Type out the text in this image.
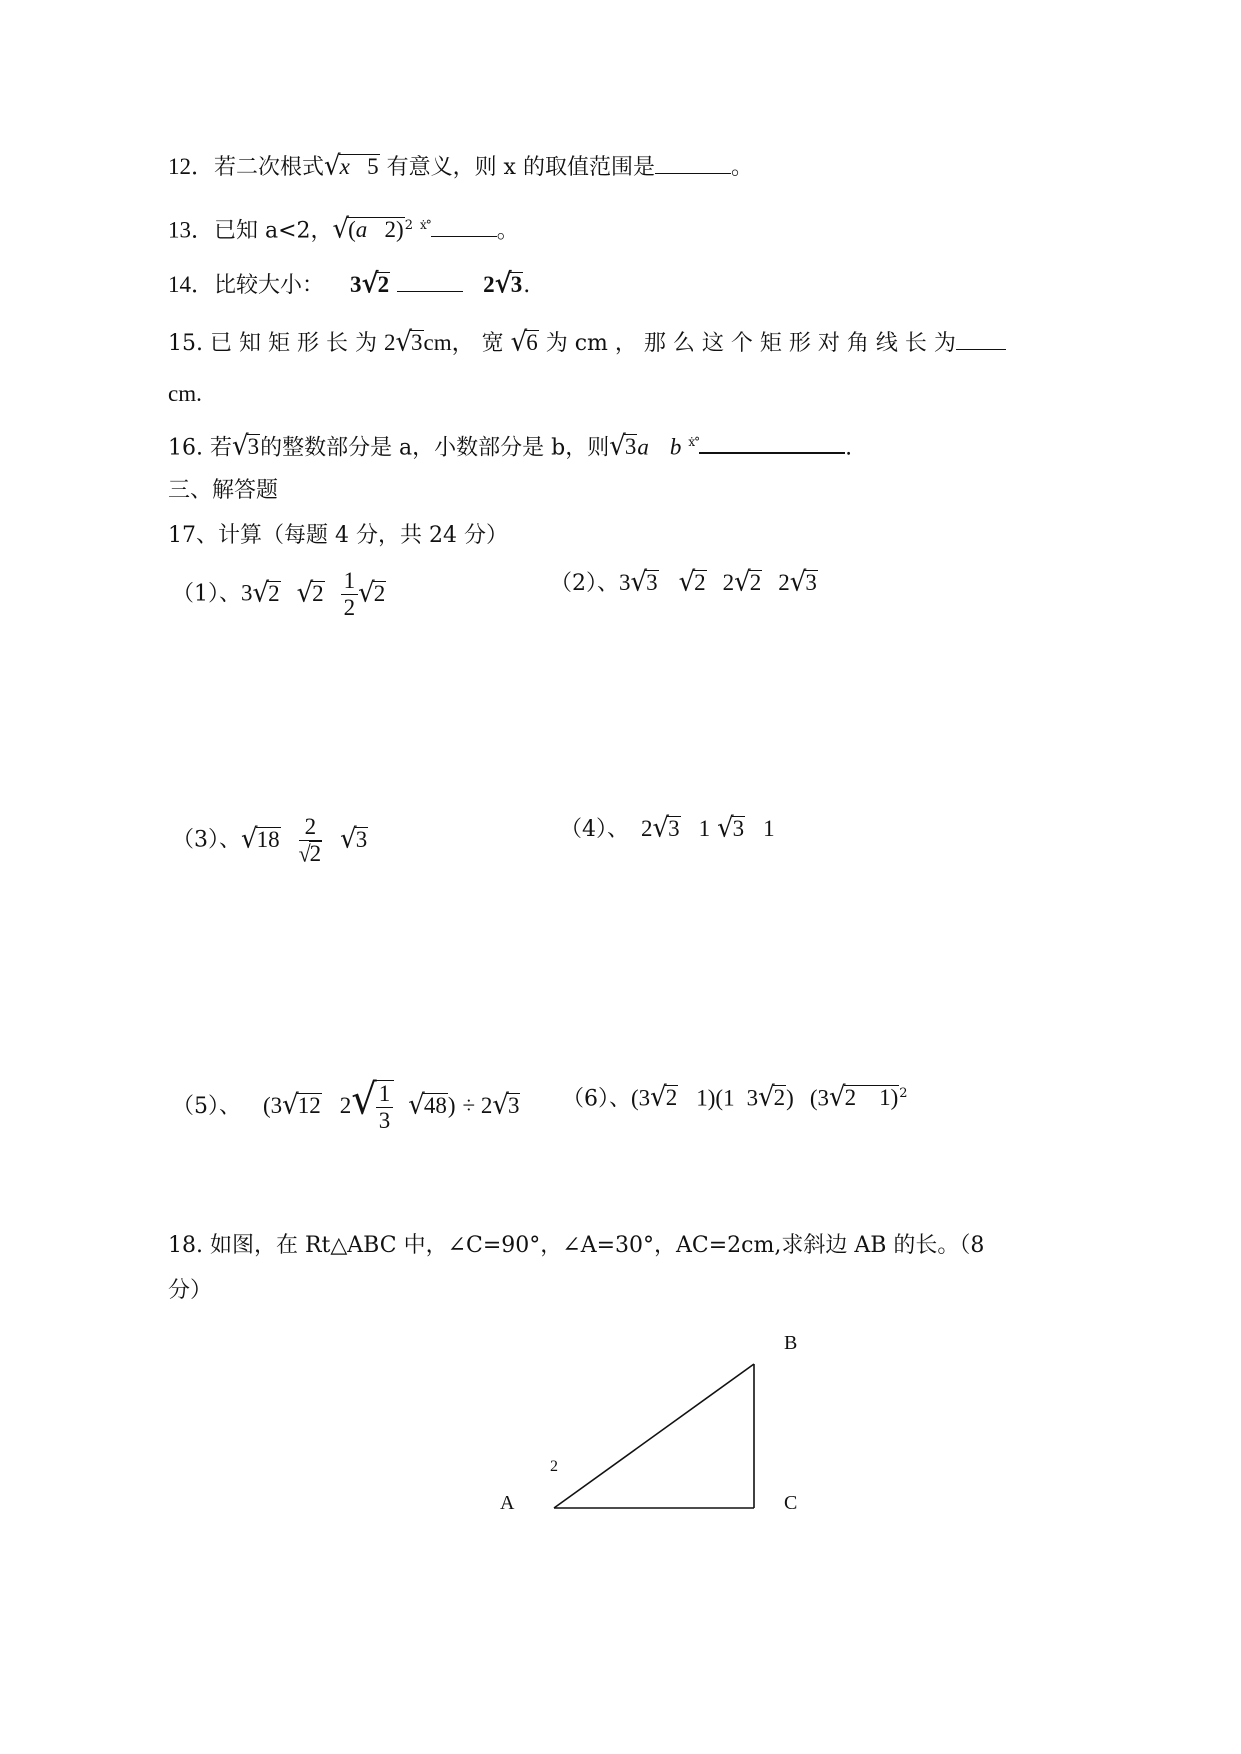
12．若二次根式√x 5 有意义，则 x 的取值范围是	。
13．已知 a<2，√(a 2)$^2$ $^{ẋ^\circ}$	。
14．比较大小： 3√2	2√3.
15. 已 知 矩 形 长 为 2√3cm， 宽 √6 为 cm ， 那 么 这 个 矩 形 对 角 线 长 为
cm.
16. 若√3的整数部分是 a，小数部分是 b，则√3a b $^{ẋ^\circ}$	.
三、解答题
17、计算（每题 4 分，共 24 分）
（1）、3√2 $√2 \frac{1}{2} √2$	（2）、3√3 √2 2√2 2√3
（3）、$√18 \frac{2}{√2} √3$	（4）、 2√3 1 √3 1
（5）、 (3√12 $2√ \frac{1}{3} √48) \div 2√3$ （6）、(3√2 1)(1 3√2) (3√2 1)$^2$
18. 如图，在 Rt△ABC 中，∠C=90°，∠A=30°，AC=2cm,求斜边 AB 的长。（8
分）
B
A	C
2
